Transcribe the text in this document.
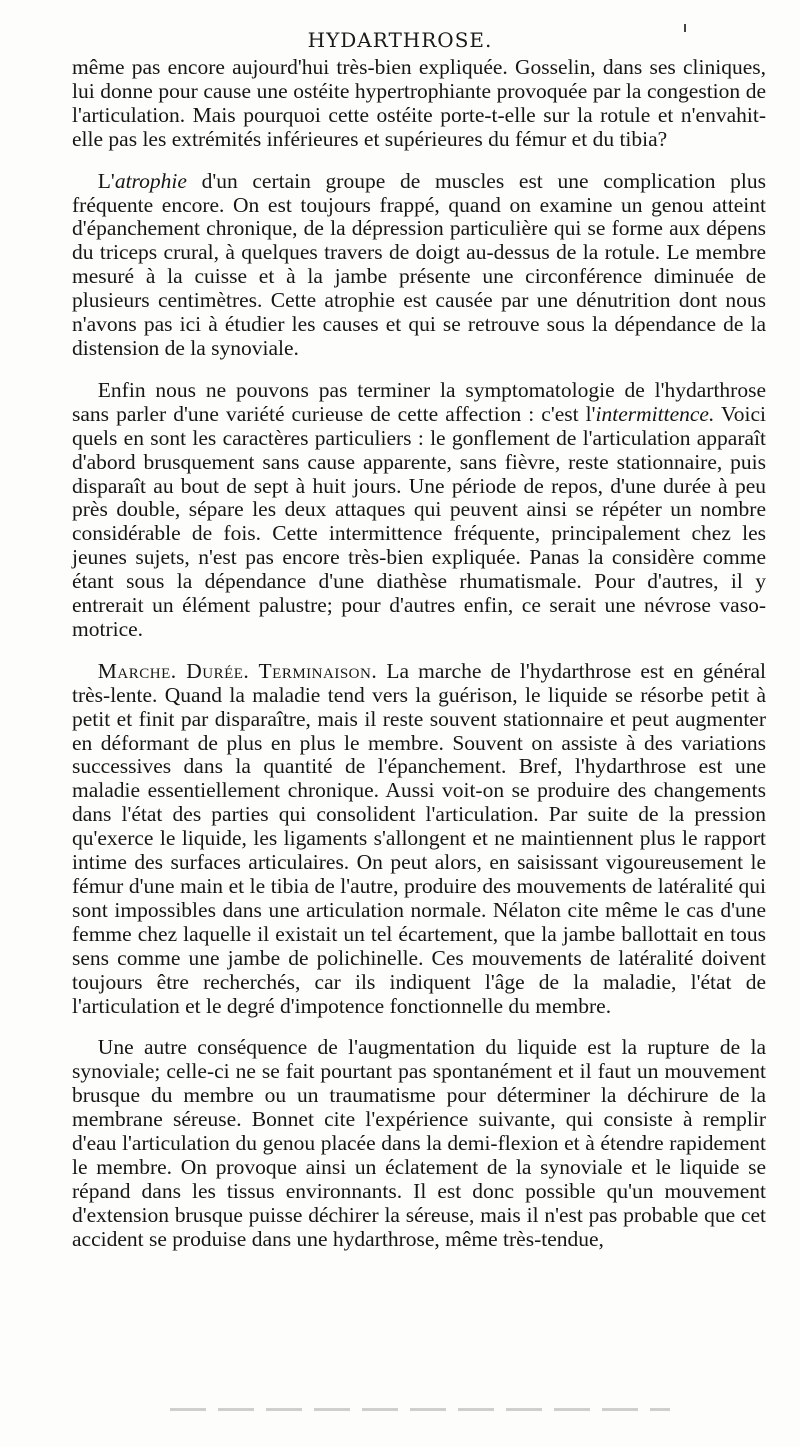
HYDARTHROSE.

même pas encore aujourd'hui très-bien expliquée. Gosselin, dans ses cliniques, lui donne pour cause une ostéite hypertrophiante provoquée par la congestion de l'articulation. Mais pourquoi cette ostéite porte-t-elle sur la rotule et n'envahit-elle pas les extrémités inférieures et supérieures du fémur et du tibia?

L'atrophie d'un certain groupe de muscles est une complication plus fréquente encore. On est toujours frappé, quand on examine un genou atteint d'épanchement chronique, de la dépression particulière qui se forme aux dépens du triceps crural, à quelques travers de doigt au-dessus de la rotule. Le membre mesuré à la cuisse et à la jambe présente une circonférence diminuée de plusieurs centimètres. Cette atrophie est causée par une dénutrition dont nous n'avons pas ici à étudier les causes et qui se retrouve sous la dépendance de la distension de la synoviale.

Enfin nous ne pouvons pas terminer la symptomatologie de l'hydarthrose sans parler d'une variété curieuse de cette affection : c'est l'intermittence. Voici quels en sont les caractères particuliers : le gonflement de l'articulation apparaît d'abord brusquement sans cause apparente, sans fièvre, reste stationnaire, puis disparaît au bout de sept à huit jours. Une période de repos, d'une durée à peu près double, sépare les deux attaques qui peuvent ainsi se répéter un nombre considérable de fois. Cette intermittence fréquente, principalement chez les jeunes sujets, n'est pas encore très-bien expliquée. Panas la considère comme étant sous la dépendance d'une diathèse rhumatismale. Pour d'autres, il y entrerait un élément palustre; pour d'autres enfin, ce serait une névrose vaso-motrice.

Marche. Durée. Terminaison. La marche de l'hydarthrose est en général très-lente. Quand la maladie tend vers la guérison, le liquide se résorbe petit à petit et finit par disparaître, mais il reste souvent stationnaire et peut augmenter en déformant de plus en plus le membre. Souvent on assiste à des variations successives dans la quantité de l'épanchement. Bref, l'hydarthrose est une maladie essentiellement chronique. Aussi voit-on se produire des changements dans l'état des parties qui consolident l'articulation. Par suite de la pression qu'exerce le liquide, les ligaments s'allongent et ne maintiennent plus le rapport intime des surfaces articulaires. On peut alors, en saisissant vigoureusement le fémur d'une main et le tibia de l'autre, produire des mouvements de latéralité qui sont impossibles dans une articulation normale. Nélaton cite même le cas d'une femme chez laquelle il existait un tel écartement, que la jambe ballottait en tous sens comme une jambe de polichinelle. Ces mouvements de latéralité doivent toujours être recherchés, car ils indiquent l'âge de la maladie, l'état de l'articulation et le degré d'impotence fonctionnelle du membre.

Une autre conséquence de l'augmentation du liquide est la rupture de la synoviale; celle-ci ne se fait pourtant pas spontanément et il faut un mouvement brusque du membre ou un traumatisme pour déterminer la déchirure de la membrane séreuse. Bonnet cite l'expérience suivante, qui consiste à remplir d'eau l'articulation du genou placée dans la demi-flexion et à étendre rapidement le membre. On provoque ainsi un éclatement de la synoviale et le liquide se répand dans les tissus environnants. Il est donc possible qu'un mouvement d'extension brusque puisse déchirer la séreuse, mais il n'est pas probable que cet accident se produise dans une hydarthrose, même très-tendue,
